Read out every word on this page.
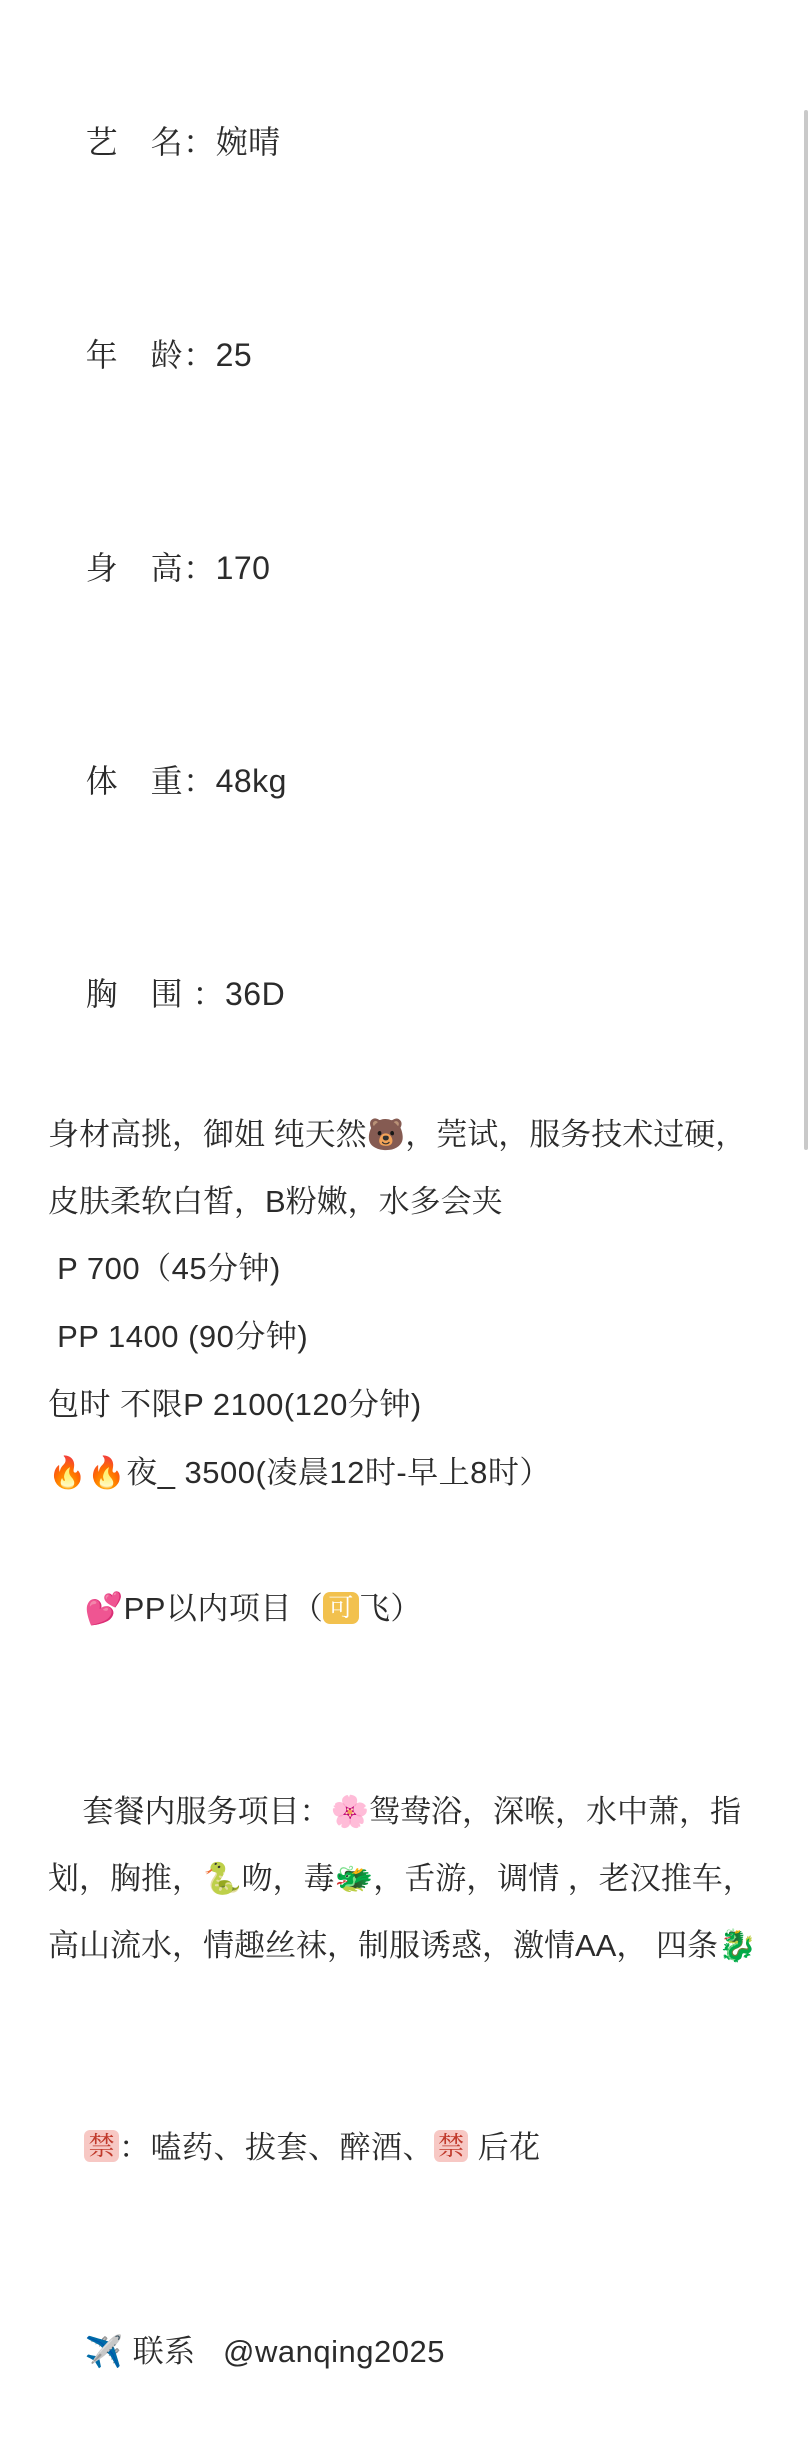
艺　名：婉晴

年　龄：25

身　高：170

体　重：48kg

胸　围 ：36D

身材高挑，御姐 纯天然🐻，莞试，服务技术过硬，皮肤柔软白皙，B粉嫩，水多会夹
P 700（45分钟)
PP 1400 (90分钟)
包时 不限P 2100(120分钟)
🔥🔥夜_ 3500(凌晨12时-早上8时）

💕PP以内项目（ 可 飞）

套餐内服务项目：🌸鸳鸯浴，深喉，水中萧，指划，胸推，🐍吻，毒🐲，舌游，调情 ，老汉推车，高山流水，情趣丝袜，制服诱惑，激情AA， 四条🐉

禁 ：嗑药、拔套、醉酒、 禁 后花

✈️ 联系 @wanqing2025
